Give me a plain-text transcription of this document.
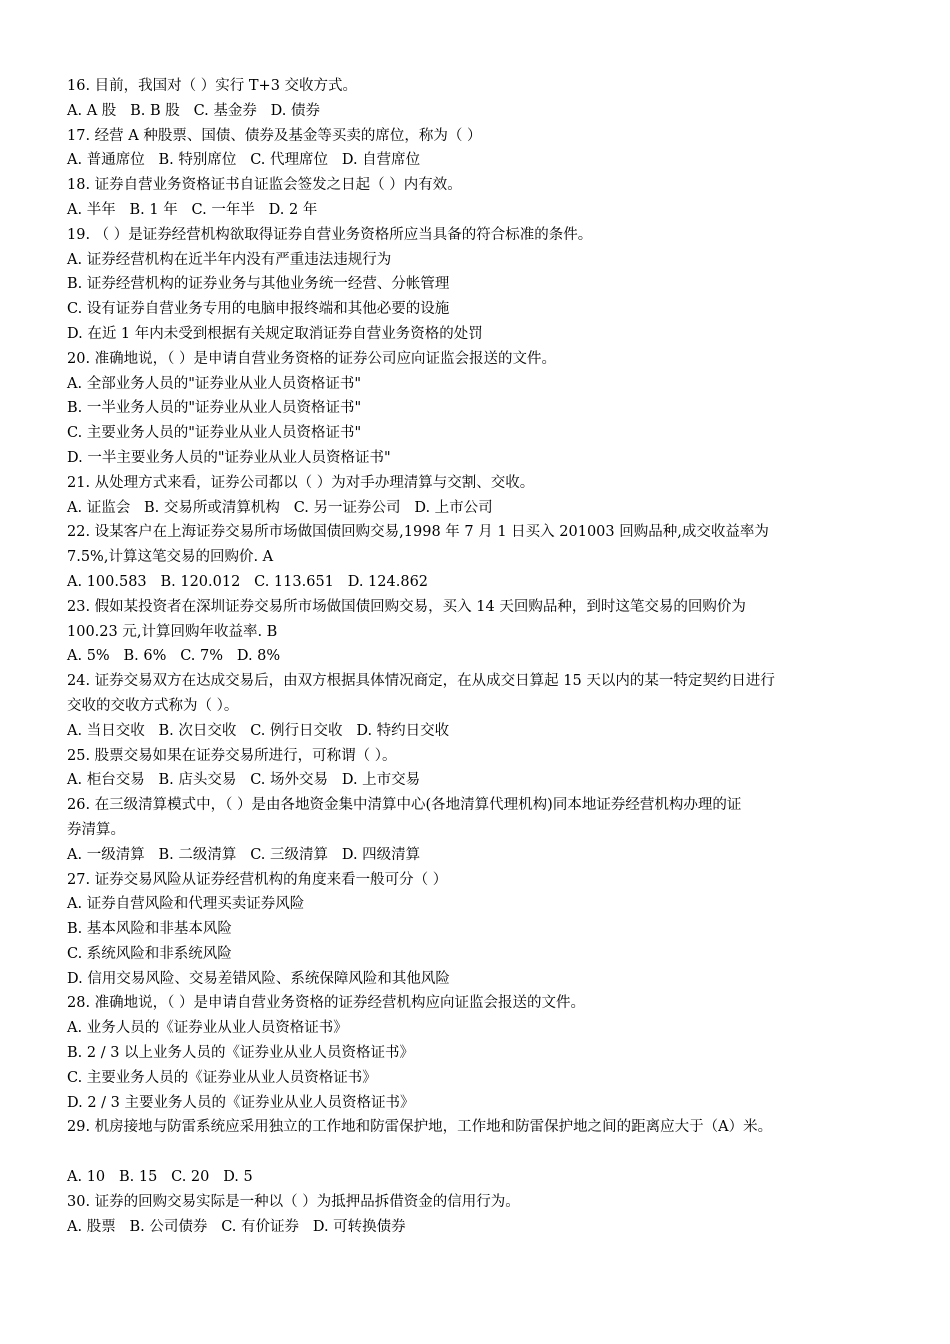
16. 目前，我国对（ ）实行 T+3 交收方式。
A. A 股   B. B 股   C. 基金券   D. 债券
17. 经营 A 种股票、国债、债券及基金等买卖的席位，称为（ ）
A. 普通席位   B. 特别席位   C. 代理席位   D. 自营席位
18. 证券自营业务资格证书自证监会签发之日起（ ）内有效。
A. 半年   B. 1 年   C. 一年半   D. 2 年
19. （ ）是证券经营机构欲取得证券自营业务资格所应当具备的符合标准的条件。
A. 证券经营机构在近半年内没有严重违法违规行为
B. 证券经营机构的证券业务与其他业务统一经营、分帐管理
C. 设有证券自营业务专用的电脑申报终端和其他必要的设施
D. 在近 1 年内未受到根据有关规定取消证券自营业务资格的处罚
20. 准确地说，（ ）是申请自营业务资格的证券公司应向证监会报送的文件。
A. 全部业务人员的"证券业从业人员资格证书"
B. 一半业务人员的"证券业从业人员资格证书"
C. 主要业务人员的"证券业从业人员资格证书"
D. 一半主要业务人员的"证券业从业人员资格证书"
21. 从处理方式来看，证券公司都以（ ）为对手办理清算与交割、交收。
A. 证监会   B. 交易所或清算机构   C. 另一证券公司   D. 上市公司
22. 设某客户在上海证券交易所市场做国债回购交易,1998 年 7 月 1 日买入 201003 回购品种,成交收益率为
7.5%,计算这笔交易的回购价. A
A. 100.583   B. 120.012   C. 113.651   D. 124.862
23. 假如某投资者在深圳证券交易所市场做国债回购交易，买入 14 天回购品种，到时这笔交易的回购价为
100.23 元,计算回购年收益率. B
A. 5%   B. 6%   C. 7%   D. 8%
24. 证券交易双方在达成交易后，由双方根据具体情况商定，在从成交日算起 15 天以内的某一特定契约日进行
交收的交收方式称为（ ）。
A. 当日交收   B. 次日交收   C. 例行日交收   D. 特约日交收
25. 股票交易如果在证券交易所进行，可称谓（ ）。
A. 柜台交易   B. 店头交易   C. 场外交易   D. 上市交易
26. 在三级清算模式中，（ ）是由各地资金集中清算中心(各地清算代理机构)同本地证券经营机构办理的证
券清算。
A. 一级清算   B. 二级清算   C. 三级清算   D. 四级清算
27. 证券交易风险从证券经营机构的角度来看一般可分（ ）
A. 证券自营风险和代理买卖证券风险
B. 基本风险和非基本风险
C. 系统风险和非系统风险
D. 信用交易风险、交易差错风险、系统保障风险和其他风险
28. 准确地说，（ ）是申请自营业务资格的证券经营机构应向证监会报送的文件。
A. 业务人员的《证券业从业人员资格证书》
B. 2 / 3 以上业务人员的《证券业从业人员资格证书》
C. 主要业务人员的《证券业从业人员资格证书》
D. 2 / 3 主要业务人员的《证券业从业人员资格证书》
29. 机房接地与防雷系统应采用独立的工作地和防雷保护地，工作地和防雷保护地之间的距离应大于（A）米。
A. 10   B. 15   C. 20   D. 5
30. 证券的回购交易实际是一种以（ ）为抵押品拆借资金的信用行为。
A. 股票   B. 公司债券   C. 有价证券   D. 可转换债券
